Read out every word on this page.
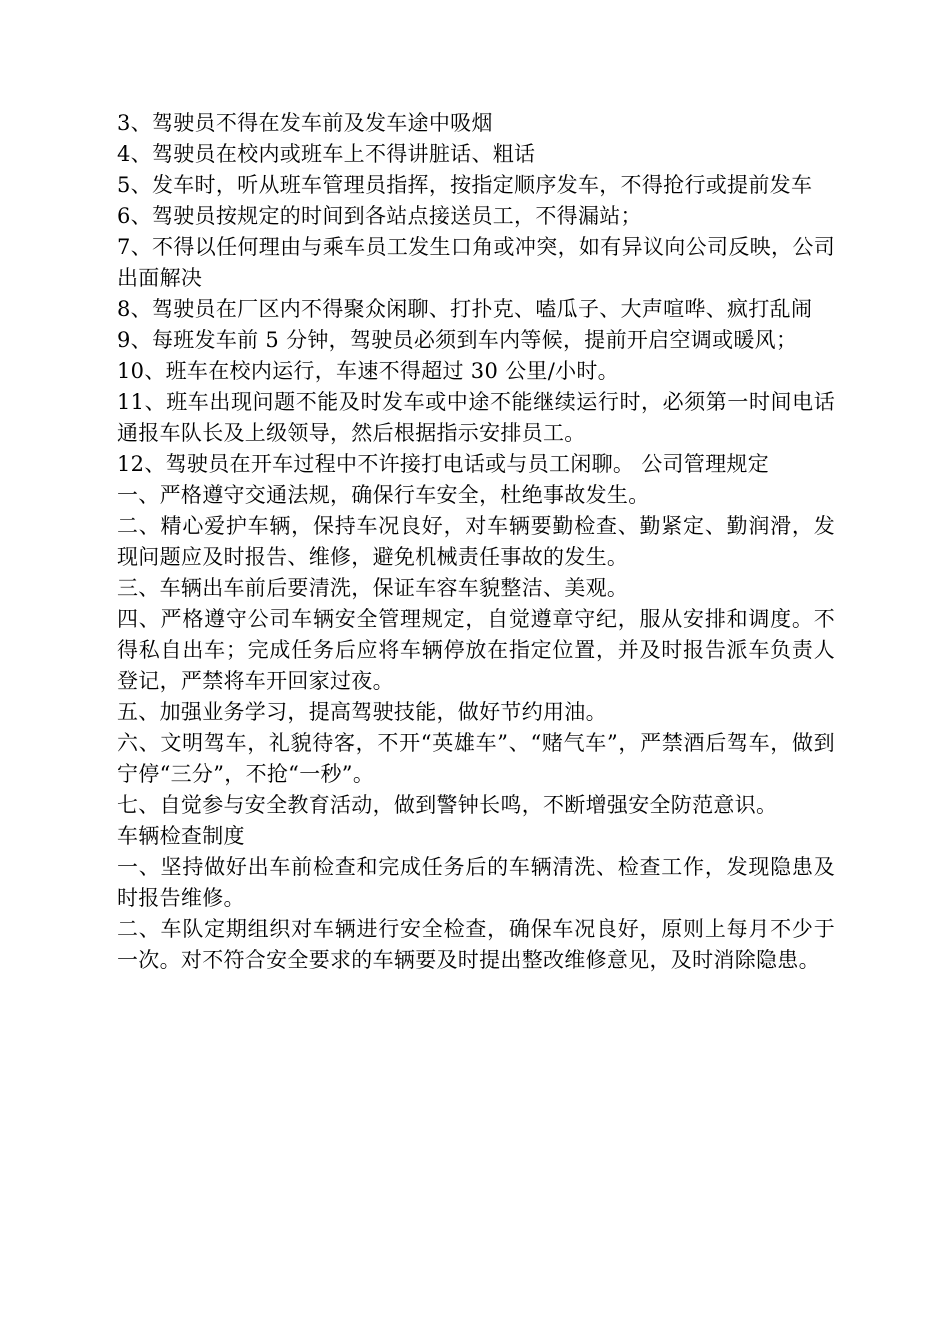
3、驾驶员不得在发车前及发车途中吸烟

4、驾驶员在校内或班车上不得讲脏话、粗话

5、发车时，听从班车管理员指挥，按指定顺序发车，不得抢行或提前发车

6、驾驶员按规定的时间到各站点接送员工，不得漏站；

7、不得以任何理由与乘车员工发生口角或冲突，如有异议向公司反映，公司出面解决

8、驾驶员在厂区内不得聚众闲聊、打扑克、嗑瓜子、大声喧哗、疯打乱闹

9、每班发车前 5 分钟，驾驶员必须到车内等候，提前开启空调或暖风；

10、班车在校内运行，车速不得超过 30 公里/小时。

11、班车出现问题不能及时发车或中途不能继续运行时，必须第一时间电话通报车队长及上级领导，然后根据指示安排员工。

12、驾驶员在开车过程中不许接打电话或与员工闲聊。 公司管理规定

一、严格遵守交通法规，确保行车安全，杜绝事故发生。

二、精心爱护车辆，保持车况良好，对车辆要勤检查、勤紧定、勤润滑，发现问题应及时报告、维修，避免机械责任事故的发生。

三、车辆出车前后要清洗，保证车容车貌整洁、美观。

四、严格遵守公司车辆安全管理规定，自觉遵章守纪，服从安排和调度。不得私自出车；完成任务后应将车辆停放在指定位置，并及时报告派车负责人登记，严禁将车开回家过夜。

五、加强业务学习，提高驾驶技能，做好节约用油。

六、文明驾车，礼貌待客，不开“英雄车”、“赌气车”，严禁酒后驾车，做到宁停“三分”，不抢“一秒”。

七、自觉参与安全教育活动，做到警钟长鸣，不断增强安全防范意识。

车辆检查制度

一、坚持做好出车前检查和完成任务后的车辆清洗、检查工作，发现隐患及时报告维修。

二、车队定期组织对车辆进行安全检查，确保车况良好，原则上每月不少于一次。对不符合安全要求的车辆要及时提出整改维修意见，及时消除隐患。
